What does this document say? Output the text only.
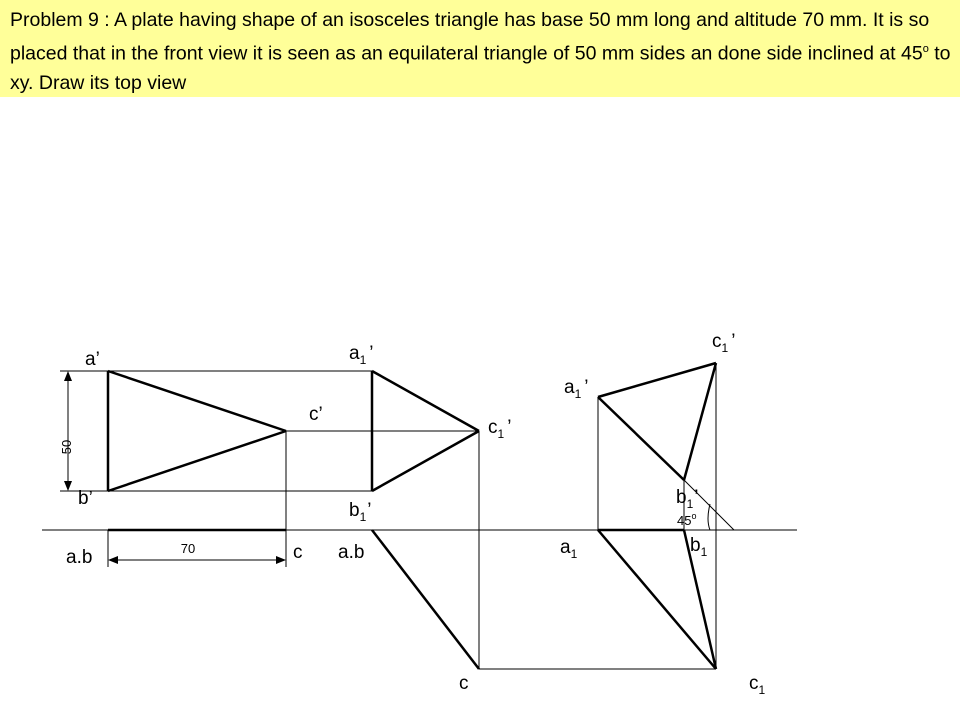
Problem 9 : A plate having shape of an isosceles triangle has base 50 mm long and altitude 70 mm. It is so placed that in the front view it is seen as an equilateral triangle of 50 mm sides an done side inclined at 45$^o$ to xy. Draw its top view
50
70
45$^o$
a’
b’
c’
a.b	c
$a_1$ ’
$b_1$’
$c_1$ ’
a.b
c
$a_1$ ’
$b_1$’
$c_1$ ’
$a_1$	$b_1$
$c_1$
